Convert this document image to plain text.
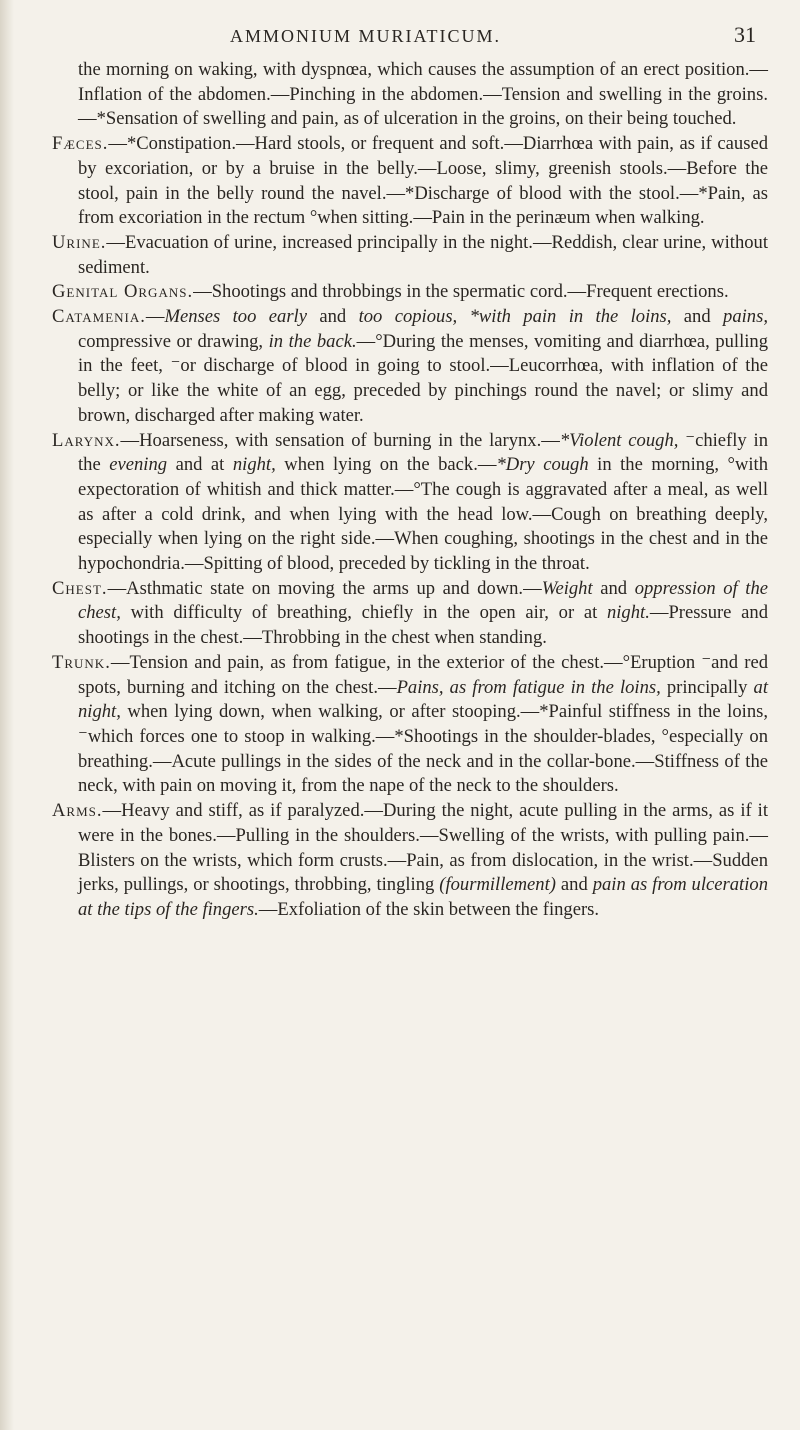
AMMONIUM MURIATICUM.	31

the morning on waking, with dyspnœa, which causes the assumption of an erect position.—Inflation of the abdomen.—Pinching in the abdomen.—Tension and swelling in the groins.—*Sensation of swelling and pain, as of ulceration in the groins, on their being touched.

Fæces.—*Constipation.—Hard stools, or frequent and soft.—Diarrhœa with pain, as if caused by excoriation, or by a bruise in the belly.—Loose, slimy, greenish stools.—Before the stool, pain in the belly round the navel.—*Discharge of blood with the stool.—*Pain, as from excoriation in the rectum °when sitting.—Pain in the perinæum when walking.

Urine.—Evacuation of urine, increased principally in the night.—Reddish, clear urine, without sediment.

Genital Organs.—Shootings and throbbings in the spermatic cord.—Frequent erections.

Catamenia.—Menses too early and too copious, *with pain in the loins, and pains, compressive or drawing, in the back.—°During the menses, vomiting and diarrhœa, pulling in the feet, ⁻or discharge of blood in going to stool.—Leucorrhœa, with inflation of the belly; or like the white of an egg, preceded by pinchings round the navel; or slimy and brown, discharged after making water.

Larynx.—Hoarseness, with sensation of burning in the larynx.—*Violent cough, ⁻chiefly in the evening and at night, when lying on the back.—*Dry cough in the morning, °with expectoration of whitish and thick matter.—°The cough is aggravated after a meal, as well as after a cold drink, and when lying with the head low.—Cough on breathing deeply, especially when lying on the right side.—When coughing, shootings in the chest and in the hypochondria.—Spitting of blood, preceded by tickling in the throat.

Chest.—Asthmatic state on moving the arms up and down.—Weight and oppression of the chest, with difficulty of breathing, chiefly in the open air, or at night.—Pressure and shootings in the chest.—Throbbing in the chest when standing.

Trunk.—Tension and pain, as from fatigue, in the exterior of the chest.—°Eruption ⁻and red spots, burning and itching on the chest.—Pains, as from fatigue in the loins, principally at night, when lying down, when walking, or after stooping.—*Painful stiffness in the loins, ⁻which forces one to stoop in walking.—*Shootings in the shoulder-blades, °especially on breathing.—Acute pullings in the sides of the neck and in the collar-bone.—Stiffness of the neck, with pain on moving it, from the nape of the neck to the shoulders.

Arms.—Heavy and stiff, as if paralyzed.—During the night, acute pulling in the arms, as if it were in the bones.—Pulling in the shoulders.—Swelling of the wrists, with pulling pain.—Blisters on the wrists, which form crusts.—Pain, as from dislocation, in the wrist.—Sudden jerks, pullings, or shootings, throbbing, tingling (fourmillement) and pain as from ulceration at the tips of the fingers.—Exfoliation of the skin between the fingers.
